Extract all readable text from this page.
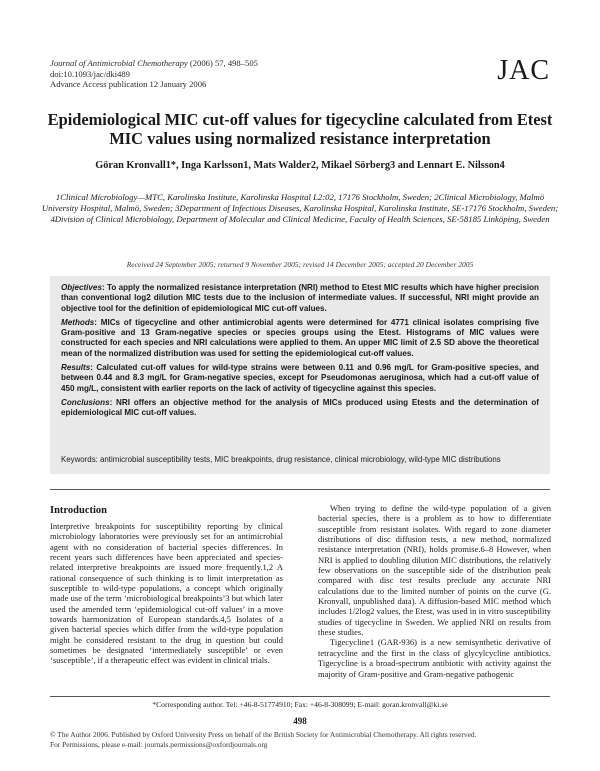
Journal of Antimicrobial Chemotherapy (2006) 57, 498–505
doi:10.1093/jac/dki489
Advance Access publication 12 January 2006	JAC
Epidemiological MIC cut-off values for tigecycline calculated from Etest MIC values using normalized resistance interpretation
Göran Kronvall1*, Inga Karlsson1, Mats Walder2, Mikael Sörberg3 and Lennart E. Nilsson4
1Clinical Microbiology—MTC, Karolinska Institute, Karolinska Hospital L2:02, 17176 Stockholm, Sweden; 2Clinical Microbiology, Malmö University Hospital, Malmö, Sweden; 3Department of Infectious Diseases, Karolinska Hospital, Karolinska Institute, SE-17176 Stockholm, Sweden; 4Division of Clinical Microbiology, Department of Molecular and Clinical Medicine, Faculty of Health Sciences, SE-58185 Linköping, Sweden
Received 24 September 2005; returned 9 November 2005; revised 14 December 2005; accepted 20 December 2005

Objectives: To apply the normalized resistance interpretation (NRI) method to Etest MIC results which have higher precision than conventional log2 dilution MIC tests due to the inclusion of intermediate values. If successful, NRI might provide an objective tool for the definition of epidemiological MIC cut-off values.

Methods: MICs of tigecycline and other antimicrobial agents were determined for 4771 clinical isolates comprising five Gram-positive and 13 Gram-negative species or species groups using the Etest. Histograms of MIC values were constructed for each species and NRI calculations were applied to them. An upper MIC limit of 2.5 SD above the theoretical mean of the normalized distribution was used for setting the epidemiological cut-off values.

Results: Calculated cut-off values for wild-type strains were between 0.11 and 0.96 mg/L for Gram-positive species, and between 0.44 and 8.3 mg/L for Gram-negative species, except for Pseudomonas aeruginosa, which had a cut-off value of 450 mg/L, consistent with earlier reports on the lack of activity of tigecycline against this species.

Conclusions: NRI offers an objective method for the analysis of MICs produced using Etests and the determination of epidemiological MIC cut-off values.

Keywords: antimicrobial susceptibility tests, MIC breakpoints, drug resistance, clinical microbiology, wild-type MIC distributions
Introduction

Interpretive breakpoints for susceptibility reporting by clinical microbiology laboratories were previously set for an antimicrobial agent with no consideration of bacterial species differences. In recent years such differences have been appreciated and species-related interpretive breakpoints are issued more frequently.1,2 A rational consequence of such thinking is to limit interpretation as susceptible to wild-type populations, a concept which originally made use of the term ‘microbiological breakpoints’3 but which later used the amended term ‘epidemiological cut-off values’ in a move towards harmonization of European standards.4,5 Isolates of a given bacterial species which differ from the wild-type population might be considered resistant to the drug in question but could sometimes be designated ‘intermediately susceptible’ or even ‘susceptible’, if a therapeutic effect was evident in clinical trials.

When trying to define the wild-type population of a given bacterial species, there is a problem as to how to differentiate susceptible from resistant isolates. With regard to zone diameter distributions of disc diffusion tests, a new method, normalized resistance interpretation (NRI), holds promise.6–8 However, when NRI is applied to doubling dilution MIC distributions, the relatively few observations on the susceptible side of the distribution peak compared with disc test results preclude any accurate NRI calculations due to the limited number of points on the curve (G. Kronvall, unpublished data). A diffusion-based MIC method which includes 1/2log2 values, the Etest, was used in in vitro susceptibility studies of tigecycline in Sweden. We applied NRI on results from these studies.

Tigecycline1 (GAR-936) is a new semisynthetic derivative of tetracycline and the first in the class of glycylcycline antibiotics. Tigecycline is a broad-spectrum antibiotic with activity against the majority of Gram-positive and Gram-negative pathogenic

*Corresponding author. Tel: +46-8-51774910; Fax: +46-8-308099; E-mail: goran.kronvall@ki.se
498

© The Author 2006. Published by Oxford University Press on behalf of the British Society for Antimicrobial Chemotherapy. All rights reserved.

For Permissions, please e-mail: journals.permissions@oxfordjournals.org
